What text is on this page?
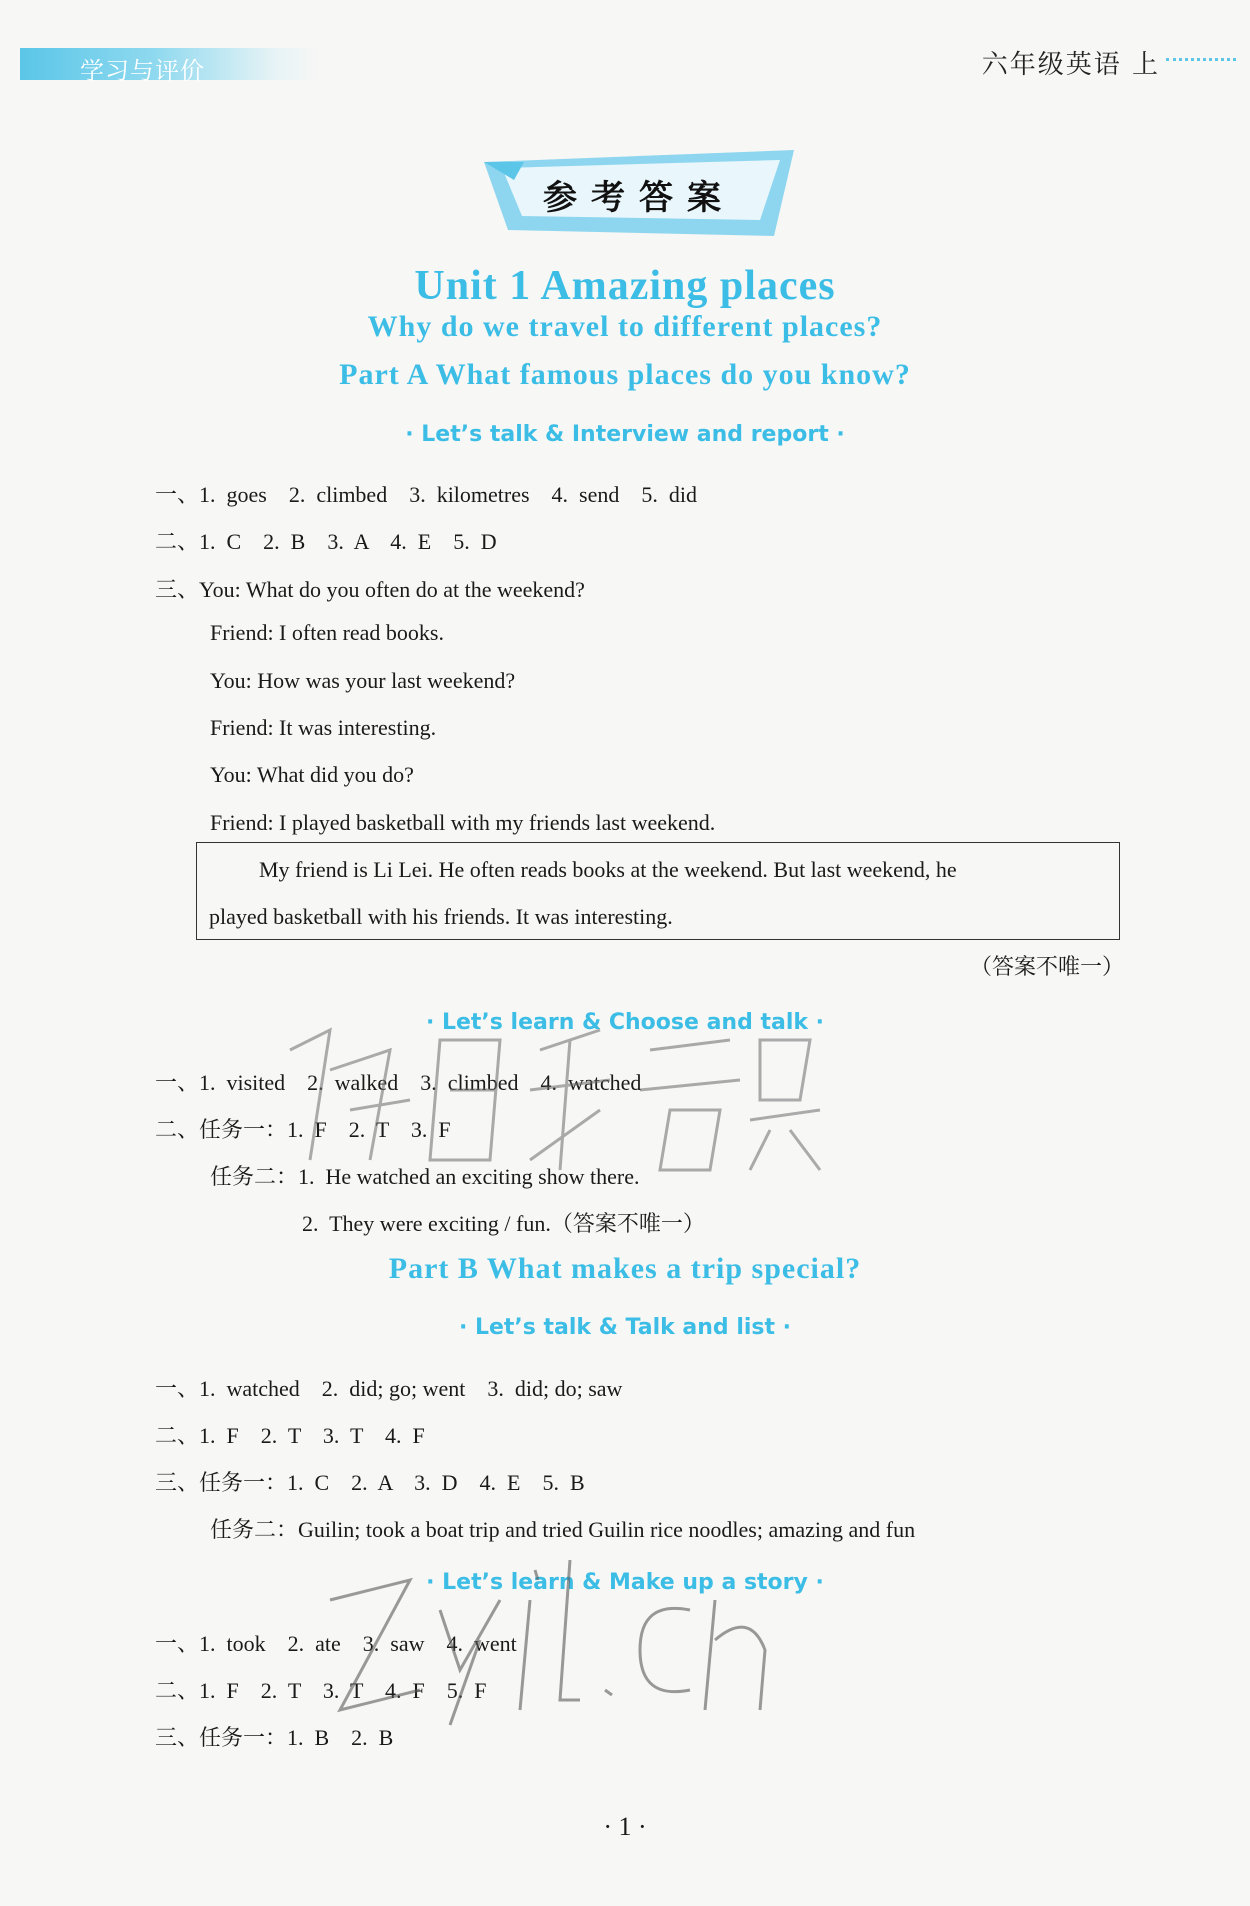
学习与评价	六年级英语 上
参考答案
Unit 1 Amazing places
Why do we travel to different places?
Part A What famous places do you know?
· Let’s talk & Interview and report ·
一、1.  goes    2.  climbed    3.  kilometres    4.  send    5.  did
二、1.  C    2.  B    3.  A    4.  E    5.  D
三、You: What do you often do at the weekend?
Friend: I often read books.
You: How was your last weekend?
Friend: It was interesting.
You: What did you do?
Friend: I played basketball with my friends last weekend.
My friend is Li Lei. He often reads books at the weekend. But last weekend, he
played basketball with his friends. It was interesting.
（答案不唯一）
· Let’s learn & Choose and talk ·
一、1.  visited    2.  walked    3.  climbed    4.  watched
二、任务一：1.  F    2.  T    3.  F
任务二：1.  He watched an exciting show there.
2.  They were exciting / fun.（答案不唯一）
Part B What makes a trip special?
· Let’s talk & Talk and list ·
一、1.  watched    2.  did; go; went    3.  did; do; saw
二、1.  F    2.  T    3.  T    4.  F
三、任务一：1.  C    2.  A    3.  D    4.  E    5.  B
任务二：Guilin; took a boat trip and tried Guilin rice noodles; amazing and fun
· Let’s learn & Make up a story ·
一、1.  took    2.  ate    3.  saw    4.  went
二、1.  F    2.  T    3.  T    4.  F    5.  F
三、任务一：1.  B    2.  B
· 1 ·
